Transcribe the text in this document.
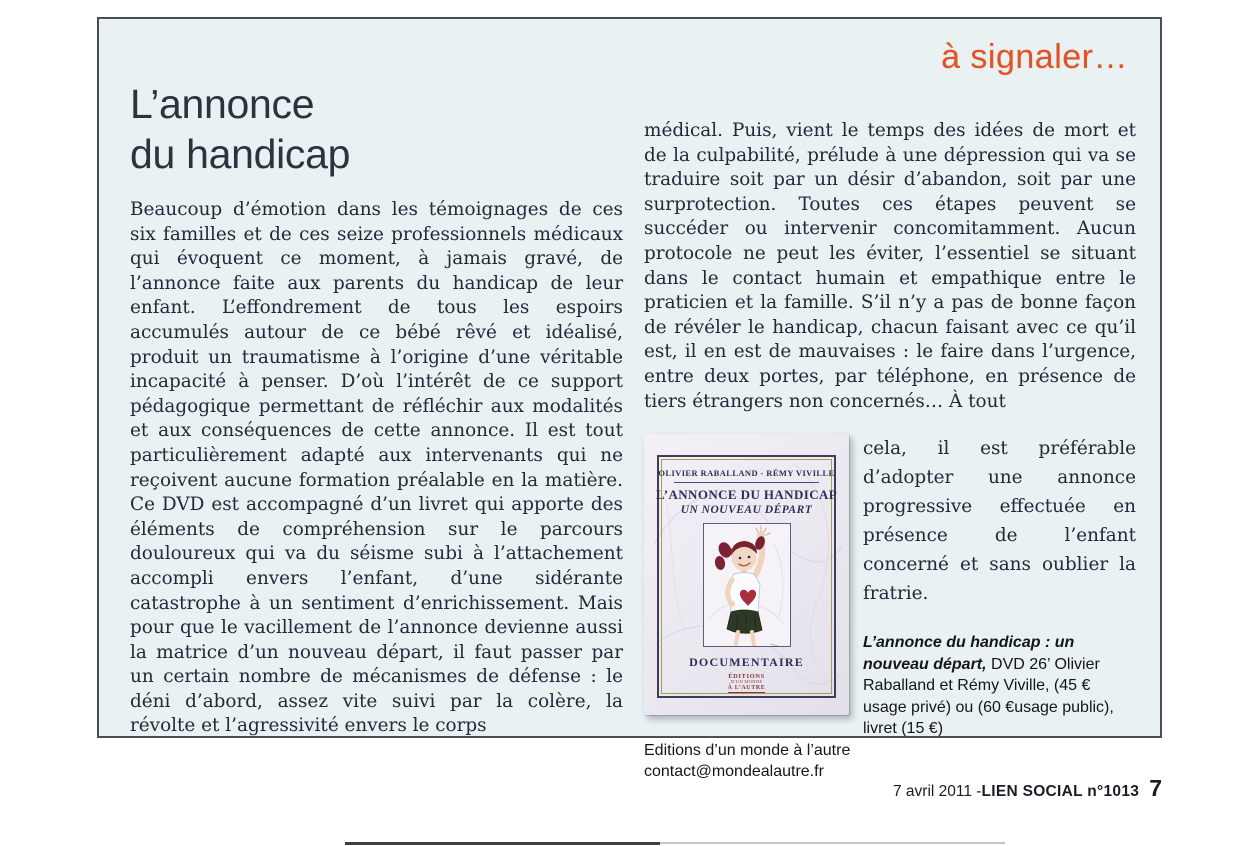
à signaler…
L’annonce
du handicap

Beaucoup d’émotion dans les témoignages de ces six familles et de ces seize professionnels médicaux qui évoquent ce moment, à jamais gravé, de l’annonce faite aux parents du handicap de leur enfant. L’effondrement de tous les espoirs accumulés autour de ce bébé rêvé et idéalisé, produit un traumatisme à l’origine d’une véritable incapacité à penser. D’où l’intérêt de ce support pédagogique permettant de réfléchir aux modalités et aux conséquences de cette annonce. Il est tout particulièrement adapté aux intervenants qui ne reçoivent aucune formation préalable en la matière. Ce DVD est accompagné d’un livret qui apporte des éléments de compréhension sur le parcours douloureux qui va du séisme subi à l’attachement accompli envers l’enfant, d’une sidérante catastrophe à un sentiment d’enrichissement. Mais pour que le vacillement de l’annonce devienne aussi la matrice d’un nouveau départ, il faut passer par un certain nombre de mécanismes de défense : le déni d’abord, assez vite suivi par la colère, la révolte et l’agressivité envers le corps

médical. Puis, vient le temps des idées de mort et de la culpabilité, prélude à une dépression qui va se traduire soit par un désir d’abandon, soit par une surprotection. Toutes ces étapes peuvent se succéder ou intervenir concomitamment. Aucun protocole ne peut les éviter, l’essentiel se situant dans le contact humain et empathique entre le praticien et la famille. S’il n’y a pas de bonne façon de révéler le handicap, chacun faisant avec ce qu’il est, il en est de mauvaises : le faire dans l’urgence, entre deux portes, par téléphone, en présence de tiers étrangers non concernés… À tout

OLIVIER RABALLAND - RÉMY VIVILLE
L’ANNONCE DU HANDICAP
UN NOUVEAU DÉPART
DOCUMENTAIRE
ÉDITIONS
D’UN MONDE
À L’AUTRE

cela, il est préférable d’adopter une annonce progressive effectuée en présence de l’enfant concerné et sans oublier la fratrie.

L’annonce du handicap : un nouveau départ, DVD 26’ Olivier Raballand et Rémy Viville, (45 € usage privé) ou (60 €usage public), livret (15 €)
Editions d’un monde à l’autre
contact@mondealautre.fr

7 avril 2011 - LIEN SOCIAL n°1013 7
